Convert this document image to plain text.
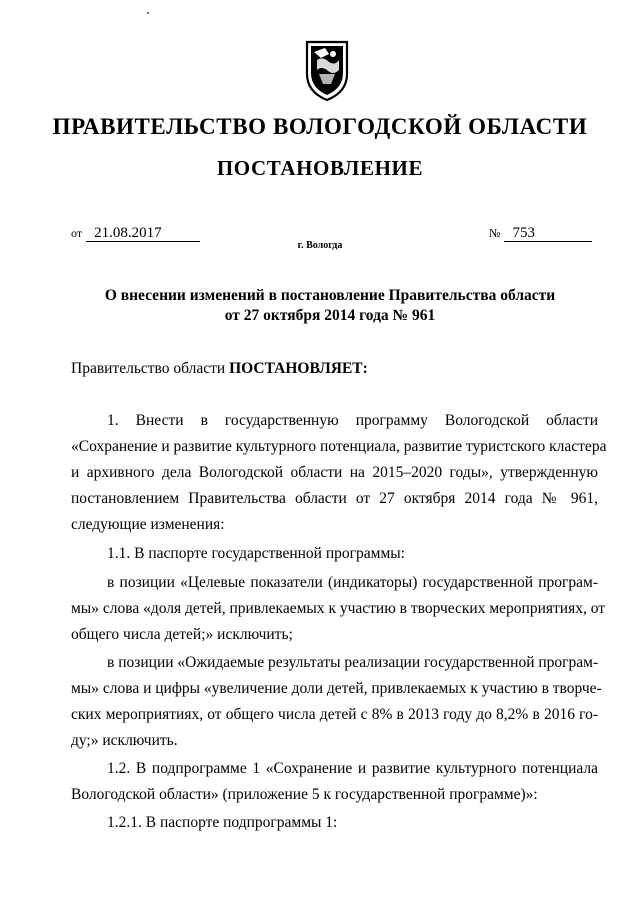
ПРАВИТЕЛЬСТВО ВОЛОГОДСКОЙ ОБЛАСТИ
ПОСТАНОВЛЕНИЕ
от 21.08.2017	№ 753
г. Вологда
О внесении изменений в постановление Правительства области
от 27 октября 2014 года № 961
Правительство области ПОСТАНОВЛЯЕТ:
1. Внести в государственную программу Вологодской области
«Сохранение и развитие культурного потенциала, развитие туристского кластера
и архивного дела Вологодской области на 2015–2020 годы», утвержденную
постановлением Правительства области от 27 октября 2014 года № 961,
следующие изменения:
1.1. В паспорте государственной программы:
в позиции «Целевые показатели (индикаторы) государственной програм-
мы» слова «доля детей, привлекаемых к участию в творческих мероприятиях, от
общего числа детей;» исключить;
в позиции «Ожидаемые результаты реализации государственной програм-
мы» слова и цифры «увеличение доли детей, привлекаемых к участию в творче-
ских мероприятиях, от общего числа детей с 8% в 2013 году до 8,2% в 2016 го-
ду;» исключить.
1.2. В подпрограмме 1 «Сохранение и развитие культурного потенциала
Вологодской области» (приложение 5 к государственной программе)»:
1.2.1. В паспорте подпрограммы 1:
